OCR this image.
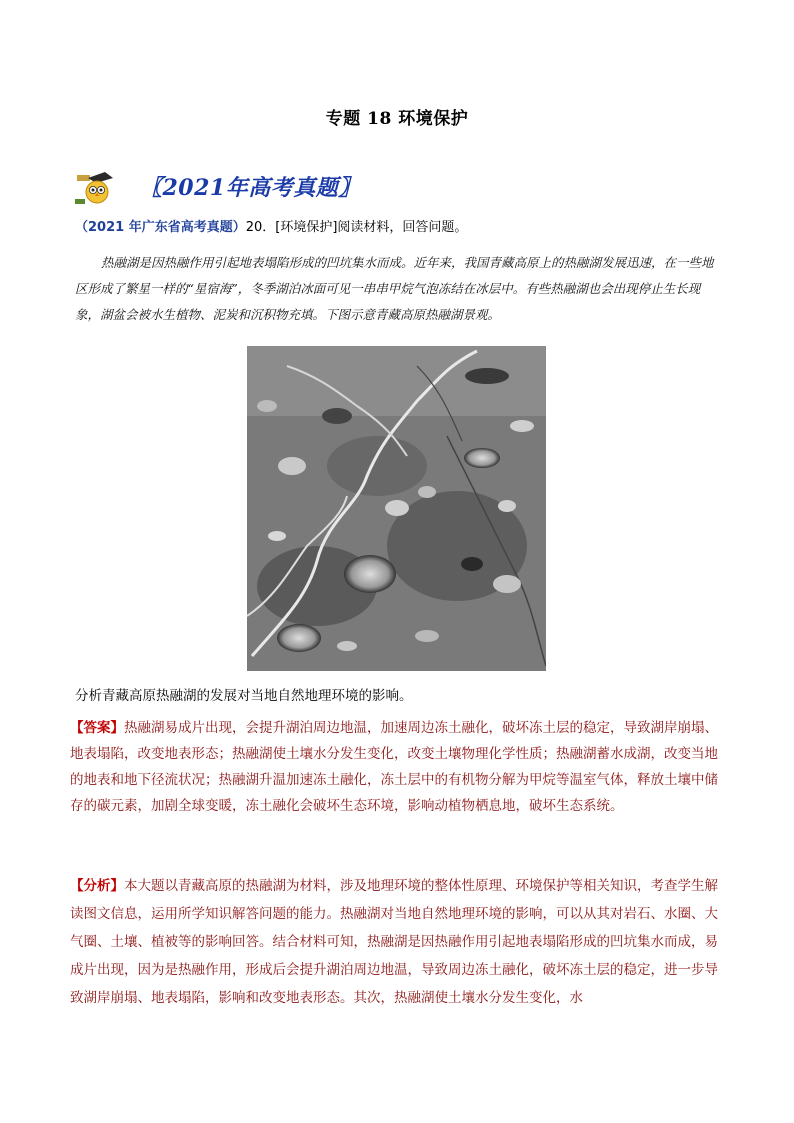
专题 18 环境保护
〖2021年高考真题〗
（2021 年广东省高考真题）20．[环境保护]阅读材料，回答问题。
热融湖是因热融作用引起地表塌陷形成的凹坑集水而成。近年来，我国青藏高原上的热融湖发展迅速，在一些地区形成了繁星一样的“星宿海”，冬季湖泊冰面可见一串串甲烷气泡冻结在冰层中。有些热融湖也会出现停止生长现象，湖盆会被水生植物、泥炭和沉积物充填。下图示意青藏高原热融湖景观。
分析青藏高原热融湖的发展对当地自然地理环境的影响。
【答案】热融湖易成片出现，会提升湖泊周边地温，加速周边冻土融化，破坏冻土层的稳定，导致湖岸崩塌、地表塌陷，改变地表形态；热融湖使土壤水分发生变化，改变土壤物理化学性质；热融湖蓄水成湖，改变当地的地表和地下径流状况；热融湖升温加速冻土融化，冻土层中的有机物分解为甲烷等温室气体，释放土壤中储存的碳元素，加剧全球变暖，冻土融化会破坏生态环境，影响动植物栖息地，破坏生态系统。
【分析】本大题以青藏高原的热融湖为材料，涉及地理环境的整体性原理、环境保护等相关知识，考查学生解读图文信息，运用所学知识解答问题的能力。热融湖对当地自然地理环境的影响，可以从其对岩石、水圈、大气圈、土壤、植被等的影响回答。结合材料可知，热融湖是因热融作用引起地表塌陷形成的凹坑集水而成，易成片出现，因为是热融作用，形成后会提升湖泊周边地温，导致周边冻土融化，破坏冻土层的稳定，进一步导致湖岸崩塌、地表塌陷，影响和改变地表形态。其次，热融湖使土壤水分发生变化，水
